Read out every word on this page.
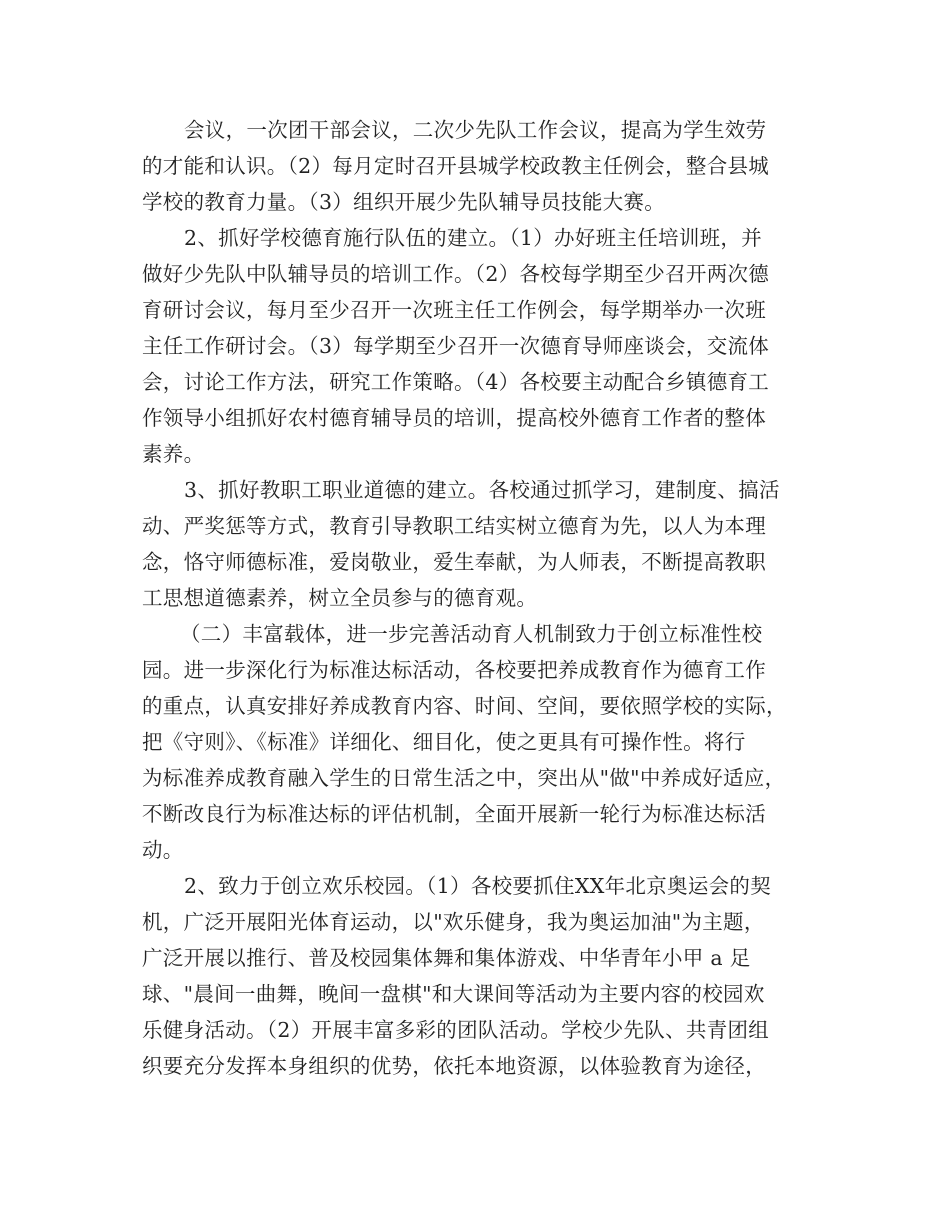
会议，一次团干部会议，二次少先队工作会议，提高为学生效劳
的才能和认识。（2）每月定时召开县城学校政教主任例会，整合县城
学校的教育力量。（3）组织开展少先队辅导员技能大赛。
2、抓好学校德育施行队伍的建立。（1）办好班主任培训班，并
做好少先队中队辅导员的培训工作。（2）各校每学期至少召开两次德
育研讨会议，每月至少召开一次班主任工作例会，每学期举办一次班
主任工作研讨会。（3）每学期至少召开一次德育导师座谈会，交流体
会，讨论工作方法，研究工作策略。（4）各校要主动配合乡镇德育工
作领导小组抓好农村德育辅导员的培训，提高校外德育工作者的整体
素养。
3、抓好教职工职业道德的建立。各校通过抓学习，建制度、搞活
动、严奖惩等方式，教育引导教职工结实树立德育为先，以人为本理
念，恪守师德标准，爱岗敬业，爱生奉献，为人师表，不断提高教职
工思想道德素养，树立全员参与的德育观。
（二）丰富载体，进一步完善活动育人机制致力于创立标准性校
园。进一步深化行为标准达标活动，各校要把养成教育作为德育工作
的重点，认真安排好养成教育内容、时间、空间，要依照学校的实际，
把《守则》、《标准》详细化、细目化，使之更具有可操作性。将行
为标准养成教育融入学生的日常生活之中，突出从"做"中养成好适应，
不断改良行为标准达标的评估机制，全面开展新一轮行为标准达标活
动。
2、致力于创立欢乐校园。（1）各校要抓住XX年北京奥运会的契
机，广泛开展阳光体育运动，以"欢乐健身，我为奥运加油"为主题，
广泛开展以推行、普及校园集体舞和集体游戏、中华青年小甲 a 足
球、"晨间一曲舞，晚间一盘棋"和大课间等活动为主要内容的校园欢
乐健身活动。（2）开展丰富多彩的团队活动。学校少先队、共青团组
织要充分发挥本身组织的优势，依托本地资源，以体验教育为途径，
